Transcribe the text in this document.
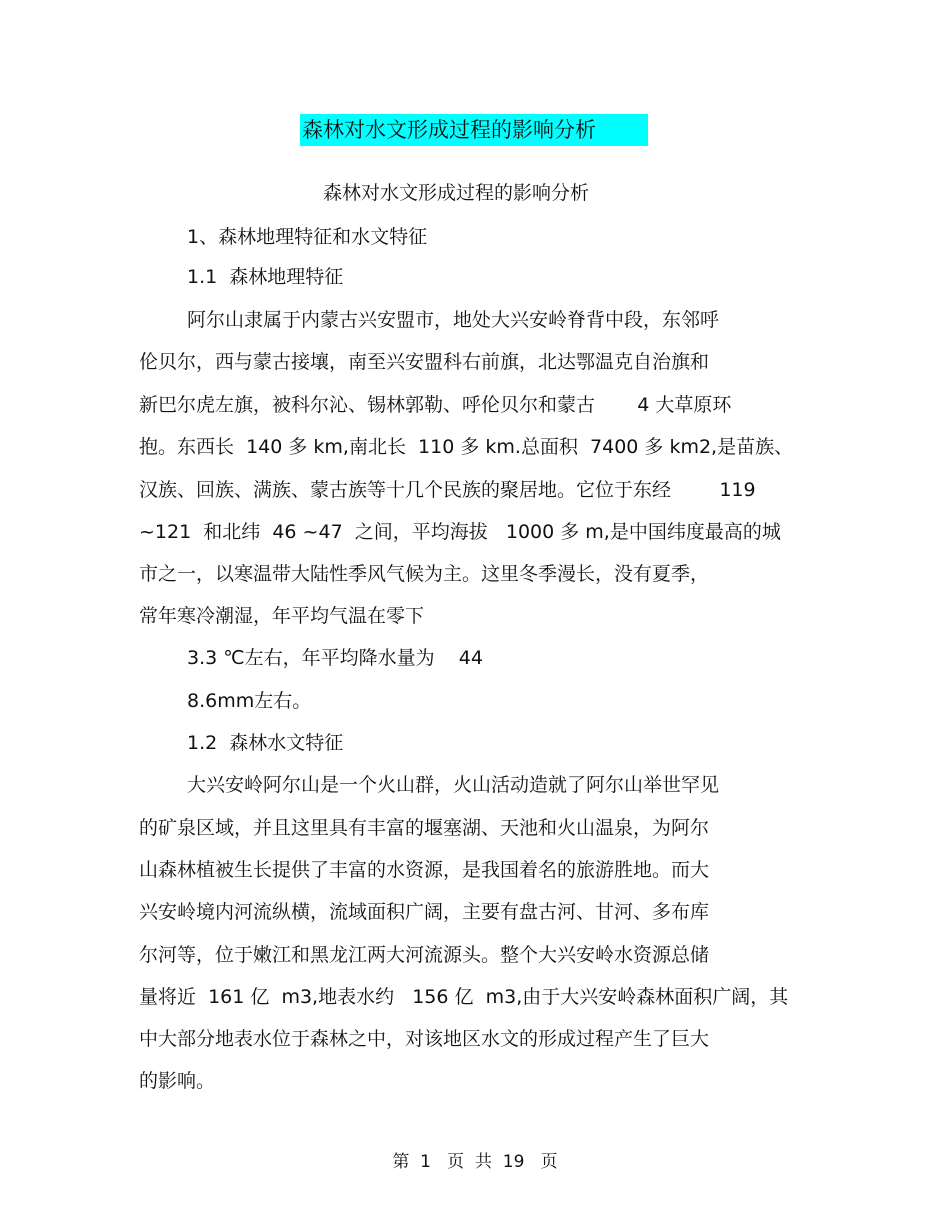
森林对水文形成过程的影响分析
森林对水文形成过程的影响分析
1、森林地理特征和水文特征
1.1  森林地理特征
阿尔山隶属于内蒙古兴安盟市，地处大兴安岭脊背中段，东邻呼
伦贝尔，西与蒙古接壤，南至兴安盟科右前旗，北达鄂温克自治旗和
新巴尔虎左旗，被科尔沁、锡林郭勒、呼伦贝尔和蒙古       4 大草原环
抱。东西长  140 多 km,南北长  110 多 km.总面积  7400 多 km2,是苗族、
汉族、回族、满族、蒙古族等十几个民族的聚居地。它位于东经        119
~121  和北纬  46 ~47  之间，平均海拔   1000 多 m,是中国纬度最高的城
市之一，以寒温带大陆性季风气候为主。这里冬季漫长，没有夏季，
常年寒冷潮湿，年平均气温在零下
3.3 ℃左右，年平均降水量为    44
8.6mm左右。
1.2  森林水文特征
大兴安岭阿尔山是一个火山群，火山活动造就了阿尔山举世罕见
的矿泉区域，并且这里具有丰富的堰塞湖、天池和火山温泉，为阿尔
山森林植被生长提供了丰富的水资源，是我国着名的旅游胜地。而大
兴安岭境内河流纵横，流域面积广阔，主要有盘古河、甘河、多布库
尔河等，位于嫩江和黑龙江两大河流源头。整个大兴安岭水资源总储
量将近  161 亿  m3,地表水约   156 亿  m3,由于大兴安岭森林面积广阔，其
中大部分地表水位于森林之中，对该地区水文的形成过程产生了巨大
的影响。
第  1   页  共  19   页
